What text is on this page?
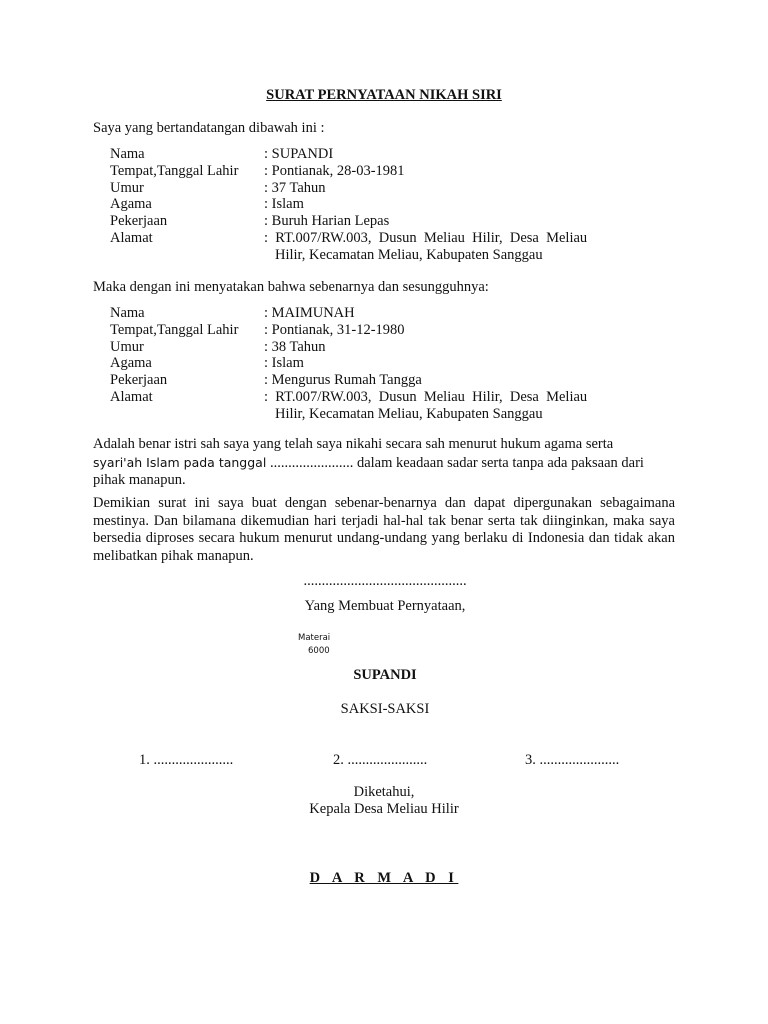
SURAT PERNYATAAN NIKAH SIRI
Saya yang bertandatangan dibawah ini :
Nama	: SUPANDI
Tempat,Tanggal Lahir	: Pontianak, 28-03-1981
Umur	: 37 Tahun
Agama	: Islam
Pekerjaan	: Buruh Harian Lepas
Alamat	:  RT.007/RW.003,  Dusun  Meliau  Hilir,  Desa  Meliau
Hilir, Kecamatan Meliau, Kabupaten Sanggau
Maka dengan ini menyatakan bahwa sebenarnya dan sesungguhnya:
Nama	: MAIMUNAH
Tempat,Tanggal Lahir	: Pontianak, 31-12-1980
Umur	: 38 Tahun
Agama	: Islam
Pekerjaan	: Mengurus Rumah Tangga
Alamat	:  RT.007/RW.003,  Dusun  Meliau  Hilir,  Desa  Meliau
Hilir, Kecamatan Meliau, Kabupaten Sanggau
Adalah benar istri sah saya yang telah saya nikahi secara sah menurut hukum agama serta
syari'ah Islam pada tanggal ....................... dalam keadaan sadar serta tanpa ada paksaan dari
pihak manapun.
Demikian surat ini saya buat dengan sebenar-benarnya dan dapat dipergunakan sebagaimana mestinya. Dan bilamana dikemudian hari terjadi hal-hal tak benar serta tak diinginkan, maka saya bersedia diproses secara hukum menurut undang-undang yang berlaku di Indonesia dan tidak akan melibatkan pihak manapun.
.............................................
Yang Membuat Pernyataan,
Materai
6000
SUPANDI
SAKSI-SAKSI
1. ......................	2. ......................	3. ......................
Diketahui,
Kepala Desa Meliau Hilir
D A R M A D I
